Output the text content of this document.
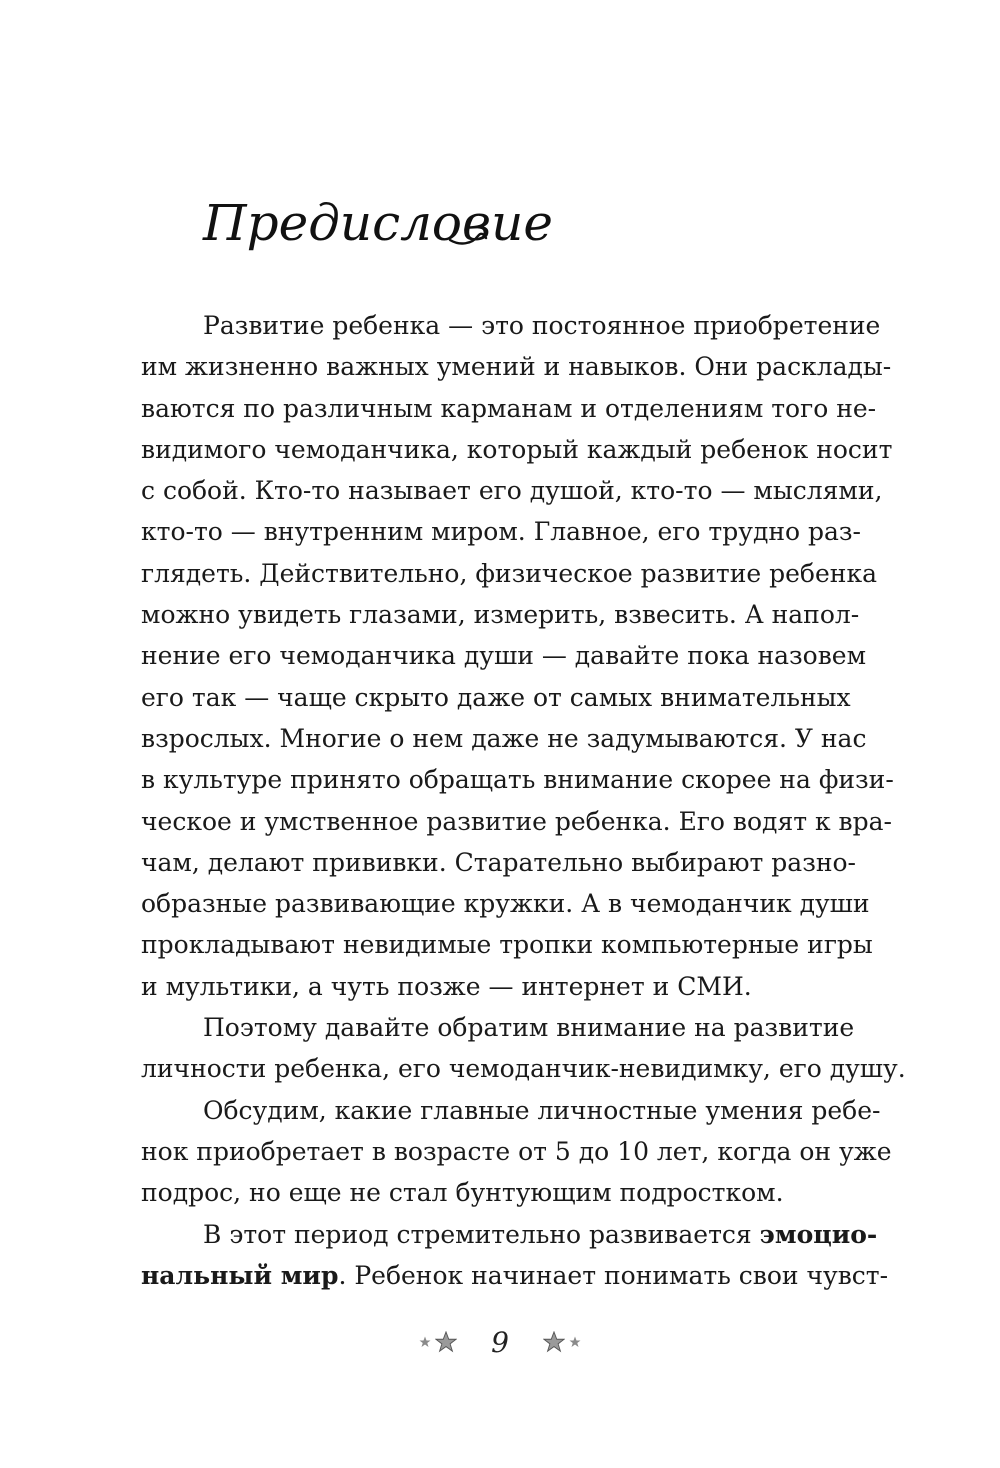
Предисловие
Развитие ребенка — это постоянное приобретение
им жизненно важных умений и навыков. Они расклады-
ваются по различным карманам и отделениям того не-
видимого чемоданчика, который каждый ребенок носит
с собой. Кто-то называет его душой, кто-то — мыслями,
кто-то — внутренним миром. Главное, его трудно раз-
глядеть. Действительно, физическое развитие ребенка
можно увидеть глазами, измерить, взвесить. А напол-
нение его чемоданчика души — давайте пока назовем
его так — чаще скрыто даже от самых внимательных
взрослых. Многие о нем даже не задумываются. У нас
в культуре принято обращать внимание скорее на физи-
ческое и умственное развитие ребенка. Его водят к вра-
чам, делают прививки. Старательно выбирают разно-
образные развивающие кружки. А в чемоданчик души
прокладывают невидимые тропки компьютерные игры
и мультики, а чуть позже — интернет и СМИ.
Поэтому давайте обратим внимание на развитие
личности ребенка, его чемоданчик-невидимку, его душу.
Обсудим, какие главные личностные умения ребе-
нок приобретает в возрасте от 5 до 10 лет, когда он уже
подрос, но еще не стал бунтующим подростком.
В этот период стремительно развивается эмоцио-
нальный мир. Ребенок начинает понимать свои чувст-
9
